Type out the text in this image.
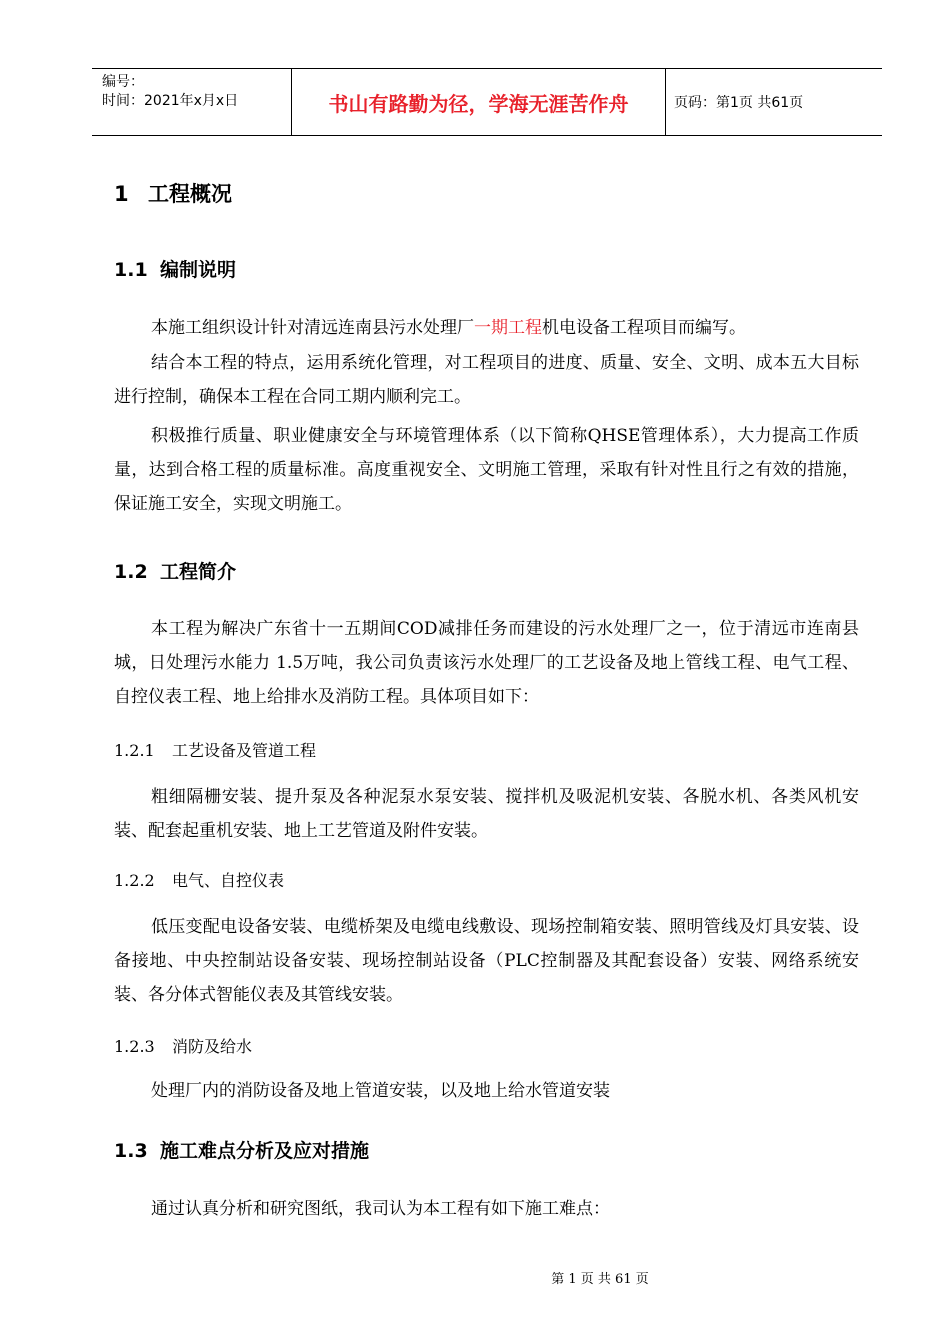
编号：
时间：2021年x月x日	书山有路勤为径，学海无涯苦作舟	页码：第1页 共61页
1 工程概况
1.1 编制说明
本施工组织设计针对清远连南县污水处理厂一期工程机电设备工程项目而编写。
结合本工程的特点，运用系统化管理，对工程项目的进度、质量、安全、文明、成本五大目标进行控制，确保本工程在合同工期内顺利完工。
积极推行质量、职业健康安全与环境管理体系（以下简称QHSE管理体系），大力提高工作质量，达到合格工程的质量标准。高度重视安全、文明施工管理，采取有针对性且行之有效的措施，保证施工安全，实现文明施工。
1.2 工程简介
本工程为解决广东省十一五期间COD减排任务而建设的污水处理厂之一，位于清远市连南县城，日处理污水能力 1.5万吨，我公司负责该污水处理厂的工艺设备及地上管线工程、电气工程、自控仪表工程、地上给排水及消防工程。具体项目如下：
1.2.1 工艺设备及管道工程
粗细隔栅安装、提升泵及各种泥泵水泵安装、搅拌机及吸泥机安装、各脱水机、各类风机安装、配套起重机安装、地上工艺管道及附件安装。
1.2.2 电气、自控仪表
低压变配电设备安装、电缆桥架及电缆电线敷设、现场控制箱安装、照明管线及灯具安装、设备接地、中央控制站设备安装、现场控制站设备（PLC控制器及其配套设备）安装、网络系统安装、各分体式智能仪表及其管线安装。
1.2.3 消防及给水
处理厂内的消防设备及地上管道安装，以及地上给水管道安装
1.3 施工难点分析及应对措施
通过认真分析和研究图纸，我司认为本工程有如下施工难点：
第 1 页 共 61 页
